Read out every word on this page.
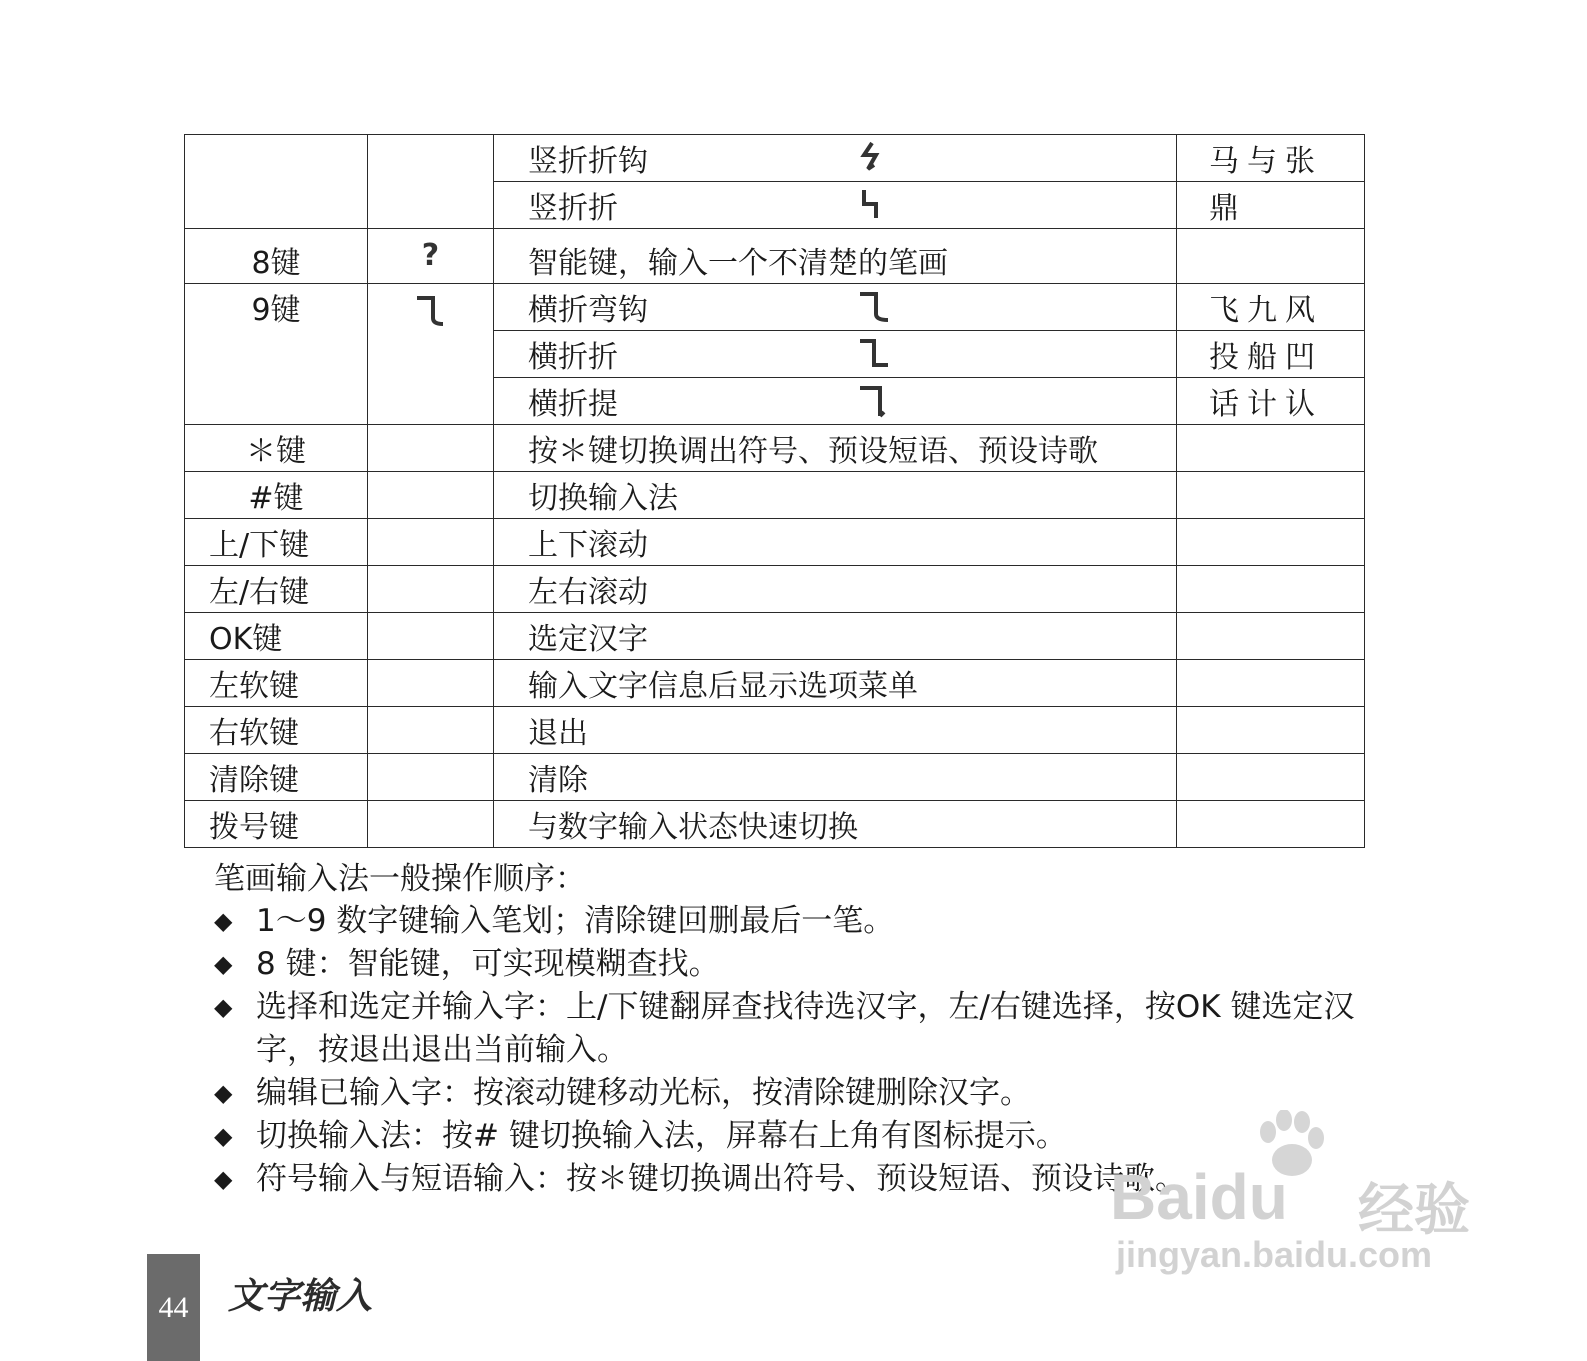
		竖折折钩	马与张
		竖折折	鼎
8键	?	智能键，输入一个不清楚的笔画	
9键		横折弯钩	飞九风
		横折折	投船凹
		横折提	话计认
＊键		按＊键切换调出符号、预设短语、预设诗歌	
#键		切换输入法	
上/下键		上下滚动	
左/右键		左右滚动	
OK键		选定汉字	
左软键		输入文字信息后显示选项菜单	
右软键		退出	
清除键		清除	
拨号键		与数字输入状态快速切换	
笔画输入法一般操作顺序：
◆ 1～9 数字键输入笔划；清除键回删最后一笔。
◆ 8 键：智能键，可实现模糊查找。
◆ 选择和选定并输入字：上/下键翻屏查找待选汉字，左/右键选择，按OK 键选定汉字，按退出退出当前输入。
◆ 编辑已输入字：按滚动键移动光标，按清除键删除汉字。
◆ 切换输入法：按# 键切换输入法，屏幕右上角有图标提示。
◆ 符号输入与短语输入：按＊键切换调出符号、预设短语、预设诗歌。
44	文字输入
Baidu 经验
jingyan.baidu.com
